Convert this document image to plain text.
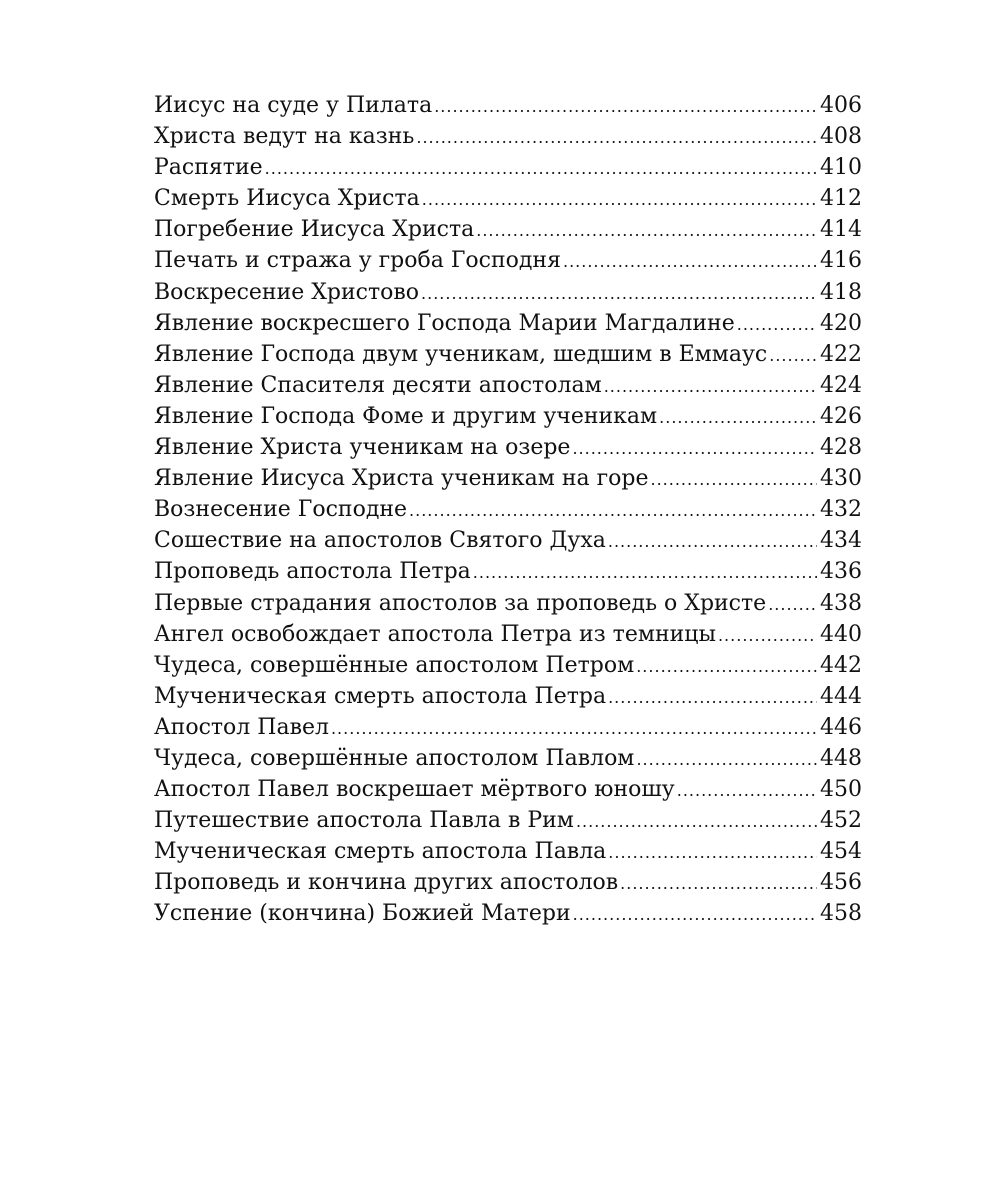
Иисус на суде у Пилата .....	406
Христа ведут на казнь .....	408
Распятие .....	410
Смерть Иисуса Христа .....	412
Погребение Иисуса Христа .....	414
Печать и стража у гроба Господня .....	416
Воскресение Христово .....	418
Явление воскресшего Господа Марии Магдалине .....	420
Явление Господа двум ученикам, шедшим в Еммаус ..... 422
Явление Спасителя десяти апостолам .....	424
Явление Господа Фоме и другим ученикам .....	426
Явление Христа ученикам на озере .....	428
Явление Иисуса Христа ученикам на горе .....	430
Вознесение Господне .....	432
Сошествие на апостолов Святого Духа .....	434
Проповедь апостола Петра .....	436
Первые страдания апостолов за проповедь о Христе ..... 438
Ангел освобождает апостола Петра из темницы .....	440
Чудеса, совершённые апостолом Петром .....	442
Мученическая смерть апостола Петра .....	444
Апостол Павел .....	446
Чудеса, совершённые апостолом Павлом .....	448
Апостол Павел воскрешает мёртвого юношу .....	450
Путешествие апостола Павла в Рим .....	452
Мученическая смерть апостола Павла .....	454
Проповедь и кончина других апостолов .....	456
Успение (кончина) Божией Матери .....	458
